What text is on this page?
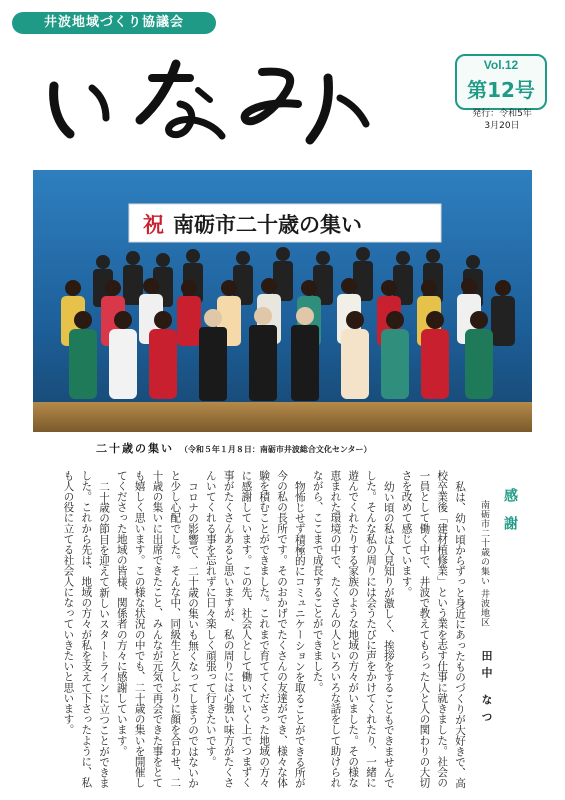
井波地域づくり協議会
Vol.12
第12号
発行：令和5年
3月20日
祝 南砺市二十歳の集い
二十歳の集い （令和５年１月８日：南砺市井波総合文化センター）
感謝
南砺市二十歳の集い 井波地区
田中 なつ

私は、幼い頃からずっと身近にあったものづくりが大好きで、高校卒業後「建材植修業」という業を志す仕事に就きました。社会の一員として働く中で、井波で教えてもらった人と人の関わりの大切さを改めて感じています。

幼い頃の私は人見知りが激しく、挨拶をすることもできませんでした。そんな私の周りには会うたびに声をかけてくれたり、一緒に遊んでくれたりする家族のような地域の方々がいました。その様な恵まれた環境の中で、たくさんの人といろいろな話をして助けられながら、ここまで成長することができました。

物怖じせず積極的にコミュニケーションを取ることができる所が今の私の長所です。そのおかげでたくさんの友達ができ、様々な体験を積むことができました。これまで育ててくださった地域の方々に感謝しています。この先、社会人として働いていく上でつまずく事がたくさんあると思いますが、私の周りには心強い味方がたくさんいてくれる事を忘れずに日々楽しく頑張って行きたいです。

コロナの影響で、二十歳の集いも無くなってしまうのではないかと少し心配でした。そんな中、同級生と久しぶりに顔を合わせ、二十歳の集いに出席できたこと、みんなが元気で再会できた事をとても嬉しく思います。この様な状況の中でも、二十歳の集いを開催してくださった地域の皆様、関係者の方々に感謝しています。

二十歳の節目を迎えて新しいスタートラインに立つことができました。これから先は、地域の方々が私を支えて下さったように、私も人の役に立てる社会人になっていきたいと思います。
